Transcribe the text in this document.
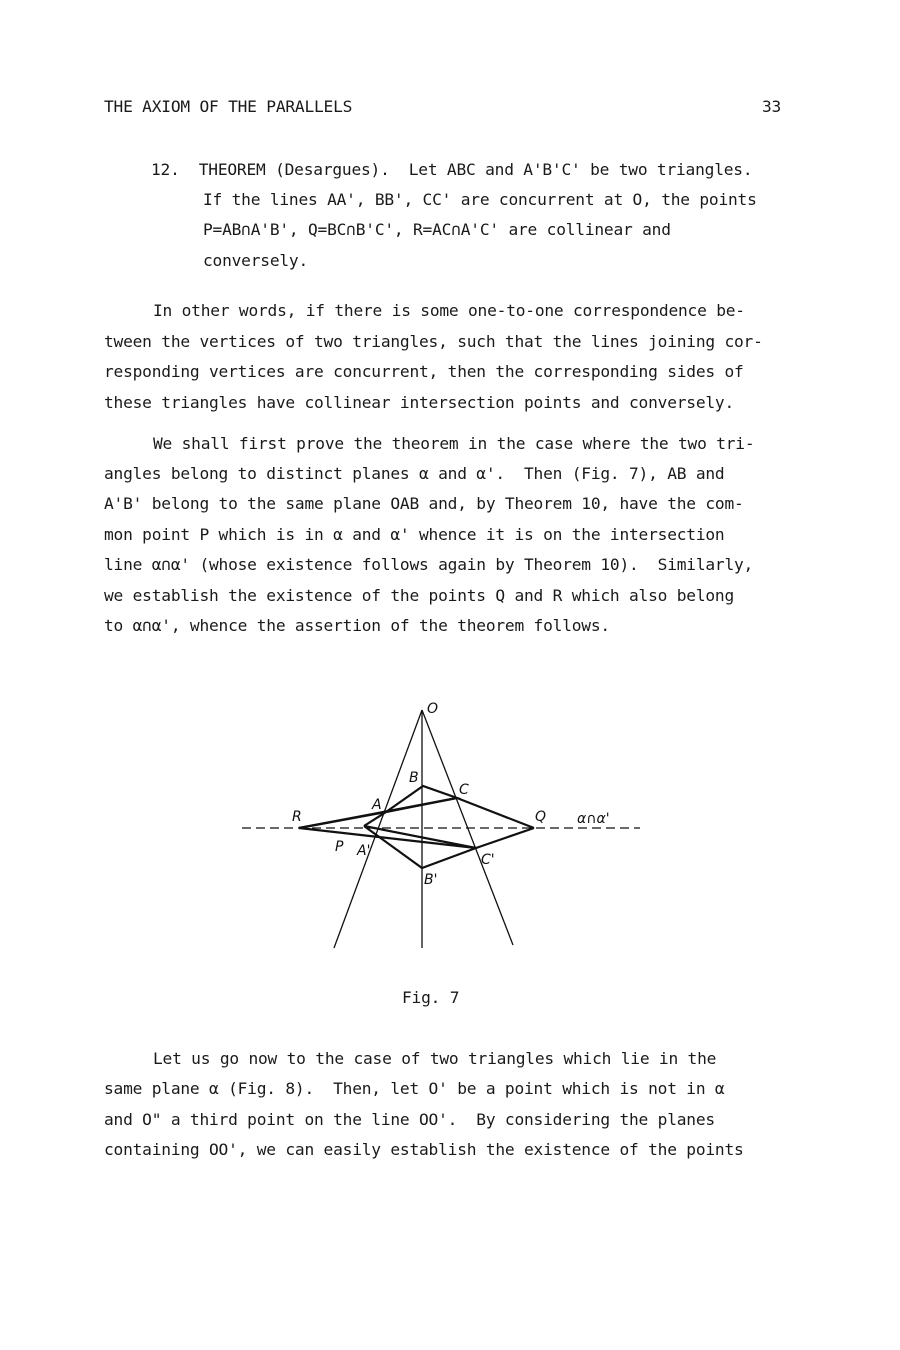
THE AXIOM OF THE PARALLELS	33
12.  THEOREM (Desargues).  Let ABC and A'B'C' be two triangles.
If the lines AA', BB', CC' are concurrent at O, the points
P=AB∩A'B', Q=BC∩B'C', R=AC∩A'C' are collinear and
conversely.
In other words, if there is some one-to-one correspondence be-
tween the vertices of two triangles, such that the lines joining cor-
responding vertices are concurrent, then the corresponding sides of
these triangles have collinear intersection points and conversely.
We shall first prove the theorem in the case where the two tri-
angles belong to distinct planes α and α'.  Then (Fig. 7), AB and
A'B' belong to the same plane OAB and, by Theorem 10, have the com-
mon point P which is in α and α' whence it is on the intersection
line α∩α' (whose existence follows again by Theorem 10).  Similarly,
we establish the existence of the points Q and R which also belong
to α∩α', whence the assertion of the theorem follows.
O
B
C
A
R	Q
P A'
C'
B'
α∩α'
Fig. 7
Let us go now to the case of two triangles which lie in the
same plane α (Fig. 8).  Then, let O' be a point which is not in α
and O" a third point on the line OO'.  By considering the planes
containing OO', we can easily establish the existence of the points
